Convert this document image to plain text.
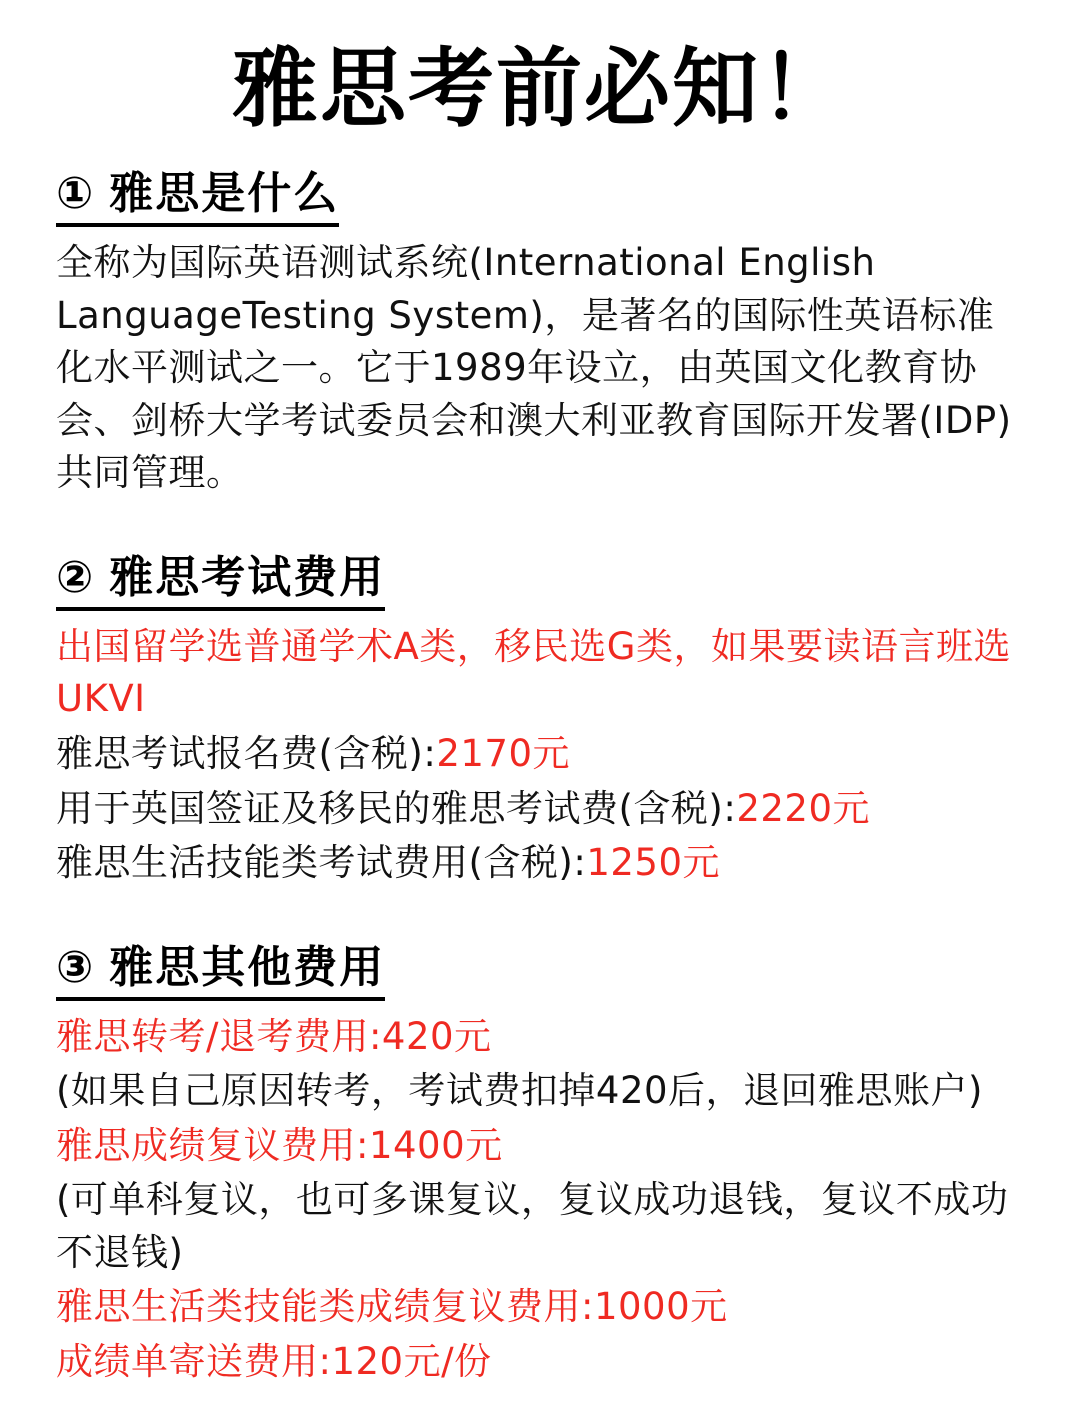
雅思考前必知！
① 雅思是什么
全称为国际英语测试系统(International English LanguageTesting System)，是著名的国际性英语标准化水平测试之一。它于1989年设立，由英国文化教育协会、剑桥大学考试委员会和澳大利亚教育国际开发署(IDP)共同管理。
② 雅思考试费用
出国留学选普通学术A类，移民选G类，如果要读语言班选UKVI
雅思考试报名费(含税):2170元
用于英国签证及移民的雅思考试费(含税):2220元
雅思生活技能类考试费用(含税):1250元
③ 雅思其他费用
雅思转考/退考费用:420元
(如果自己原因转考，考试费扣掉420后，退回雅思账户)
雅思成绩复议费用:1400元
(可单科复议，也可多课复议，复议成功退钱，复议不成功不退钱)
雅思生活类技能类成绩复议费用:1000元
成绩单寄送费用:120元/份
